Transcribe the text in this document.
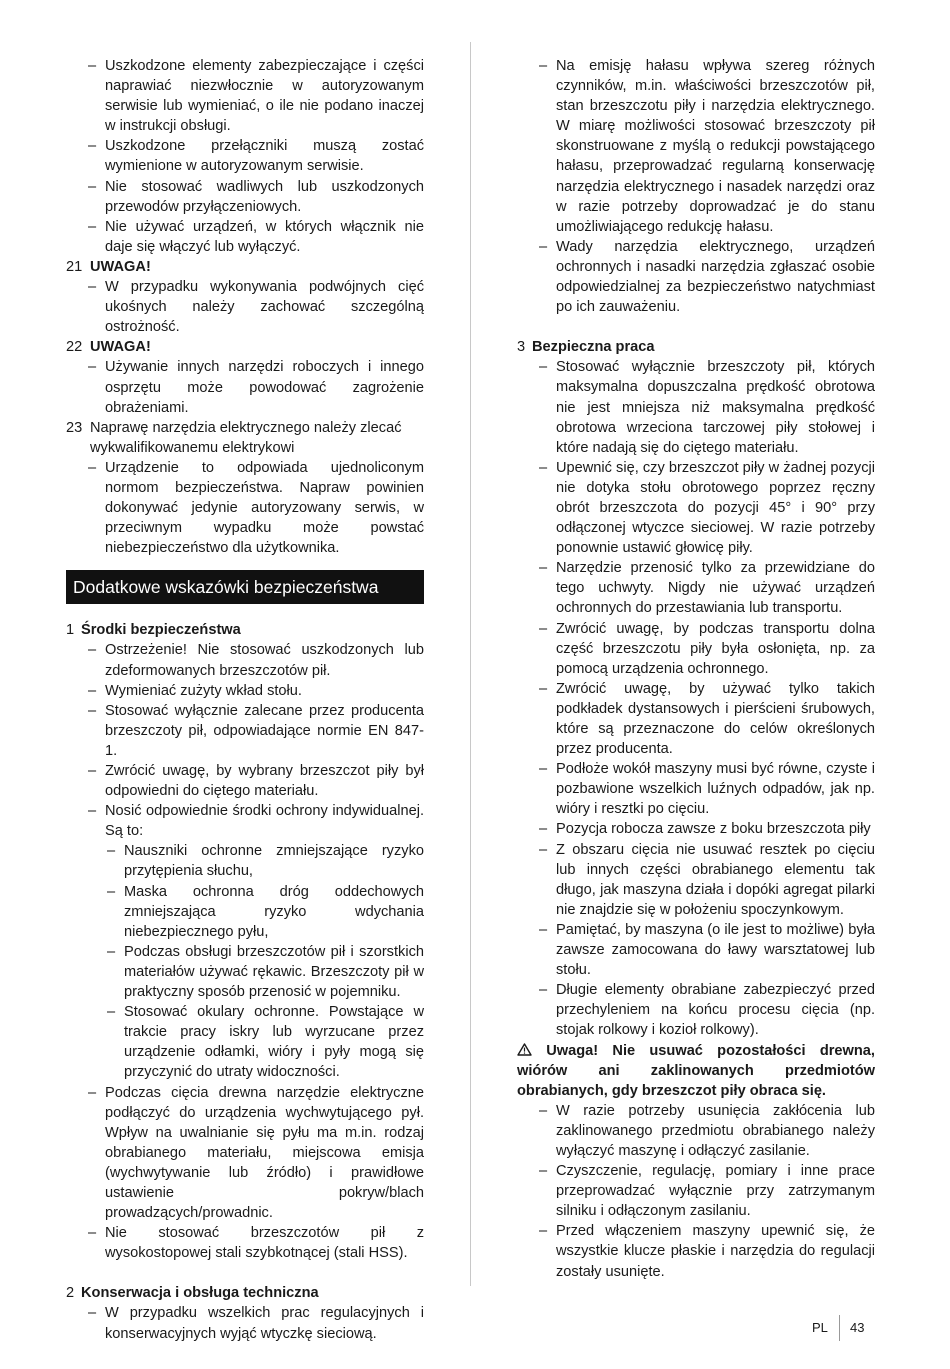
– Uszkodzone elementy zabezpieczające i części naprawiać niezwłocznie w autoryzowanym serwisie lub wymieniać, o ile nie podano inaczej w instrukcji obsługi.
– Uszkodzone przełączniki muszą zostać wymienione w autoryzowanym serwisie.
– Nie stosować wadliwych lub uszkodzonych przewodów przyłączeniowych.
– Nie używać urządzeń, w których włącznik nie daje się włączyć lub wyłączyć.
21 UWAGA!
– W przypadku wykonywania podwójnych cięć ukośnych należy zachować szczególną ostrożność.
22 UWAGA!
– Używanie innych narzędzi roboczych i innego osprzętu może powodować zagrożenie obrażeniami.
23 Naprawę narzędzia elektrycznego należy zlecać wykwalifikowanemu elektrykowi
– Urządzenie to odpowiada ujednoliconym normom bezpieczeństwa. Napraw powinien dokonywać jedynie autoryzowany serwis, w przeciwnym wypadku może powstać niebezpieczeństwo dla użytkownika.
Dodatkowe wskazówki bezpieczeństwa
1 Środki bezpieczeństwa
– Ostrzeżenie! Nie stosować uszkodzonych lub zdeformowanych brzeszczotów pił.
– Wymieniać zużyty wkład stołu.
– Stosować wyłącznie zalecane przez producenta brzeszczoty pił, odpowiadające normie EN 847-1.
– Zwrócić uwagę, by wybrany brzeszczot piły był odpowiedni do ciętego materiału.
– Nosić odpowiednie środki ochrony indywidualnej. Są to:
– Nauszniki ochronne zmniejszające ryzyko przytępienia słuchu,
– Maska ochronna dróg oddechowych zmniejszająca ryzyko wdychania niebezpiecznego pyłu,
– Podczas obsługi brzeszczotów pił i szorstkich materiałów używać rękawic. Brzeszczoty pił w praktyczny sposób przenosić w pojemniku.
– Stosować okulary ochronne. Powstające w trakcie pracy iskry lub wyrzucane przez urządzenie odłamki, wióry i pyły mogą się przyczynić do utraty widoczności.
– Podczas cięcia drewna narzędzie elektryczne podłączyć do urządzenia wychwytującego pył. Wpływ na uwalnianie się pyłu ma m.in. rodzaj obrabianego materiału, miejscowa emisja (wychwytywanie lub źródło) i prawidłowe ustawienie pokryw/blach prowadzących/prowadnic.
– Nie stosować brzeszczotów pił z wysokostopowej stali szybkotnącej (stali HSS).
2 Konserwacja i obsługa techniczna
– W przypadku wszelkich prac regulacyjnych i konserwacyjnych wyjąć wtyczkę sieciową.
– Na emisję hałasu wpływa szereg różnych czynników, m.in. właściwości brzeszczotów pił, stan brzeszczotu piły i narzędzia elektrycznego. W miarę możliwości stosować brzeszczoty pił skonstruowane z myślą o redukcji powstającego hałasu, przeprowadzać regularną konserwację narzędzia elektrycznego i nasadek narzędzi oraz w razie potrzeby doprowadzać je do stanu umożliwiającego redukcję hałasu.
– Wady narzędzia elektrycznego, urządzeń ochronnych i nasadki narzędzia zgłaszać osobie odpowiedzialnej za bezpieczeństwo natychmiast po ich zauważeniu.
3 Bezpieczna praca
– Stosować wyłącznie brzeszczoty pił, których maksymalna dopuszczalna prędkość obrotowa nie jest mniejsza niż maksymalna prędkość obrotowa wrzeciona tarczowej piły stołowej i które nadają się do ciętego materiału.
– Upewnić się, czy brzeszczot piły w żadnej pozycji nie dotyka stołu obrotowego poprzez ręczny obrót brzeszczota do pozycji 45° i 90° przy odłączonej wtyczce sieciowej. W razie potrzeby ponownie ustawić głowicę piły.
– Narzędzie przenosić tylko za przewidziane do tego uchwyty. Nigdy nie używać urządzeń ochronnych do przestawiania lub transportu.
– Zwrócić uwagę, by podczas transportu dolna część brzeszczotu piły była osłonięta, np. za pomocą urządzenia ochronnego.
– Zwrócić uwagę, by używać tylko takich podkładek dystansowych i pierścieni śrubowych, które są przeznaczone do celów określonych przez producenta.
– Podłoże wokół maszyny musi być równe, czyste i pozbawione wszelkich luźnych odpadów, jak np. wióry i resztki po cięciu.
– Pozycja robocza zawsze z boku brzeszczota piły
– Z obszaru cięcia nie usuwać resztek po cięciu lub innych części obrabianego elementu tak długo, jak maszyna działa i dopóki agregat pilarki nie znajdzie się w położeniu spoczynkowym.
– Pamiętać, by maszyna (o ile jest to możliwe) była zawsze zamocowana do ławy warsztatowej lub stołu.
– Długie elementy obrabiane zabezpieczyć przed przechyleniem na końcu procesu cięcia (np. stojak rolkowy i kozioł rolkowy).
Uwaga! Nie usuwać pozostałości drewna, wiórów ani zaklinowanych przedmiotów obrabianych, gdy brzeszczot piły obraca się.
– W razie potrzeby usunięcia zakłócenia lub zaklinowanego przedmiotu obrabianego należy wyłączyć maszynę i odłączyć zasilanie.
– Czyszczenie, regulację, pomiary i inne prace przeprowadzać wyłącznie przy zatrzymanym silniku i odłączonym zasilaniu.
– Przed włączeniem maszyny upewnić się, że wszystkie klucze płaskie i narzędzia do regulacji zostały usunięte.
PL 43
